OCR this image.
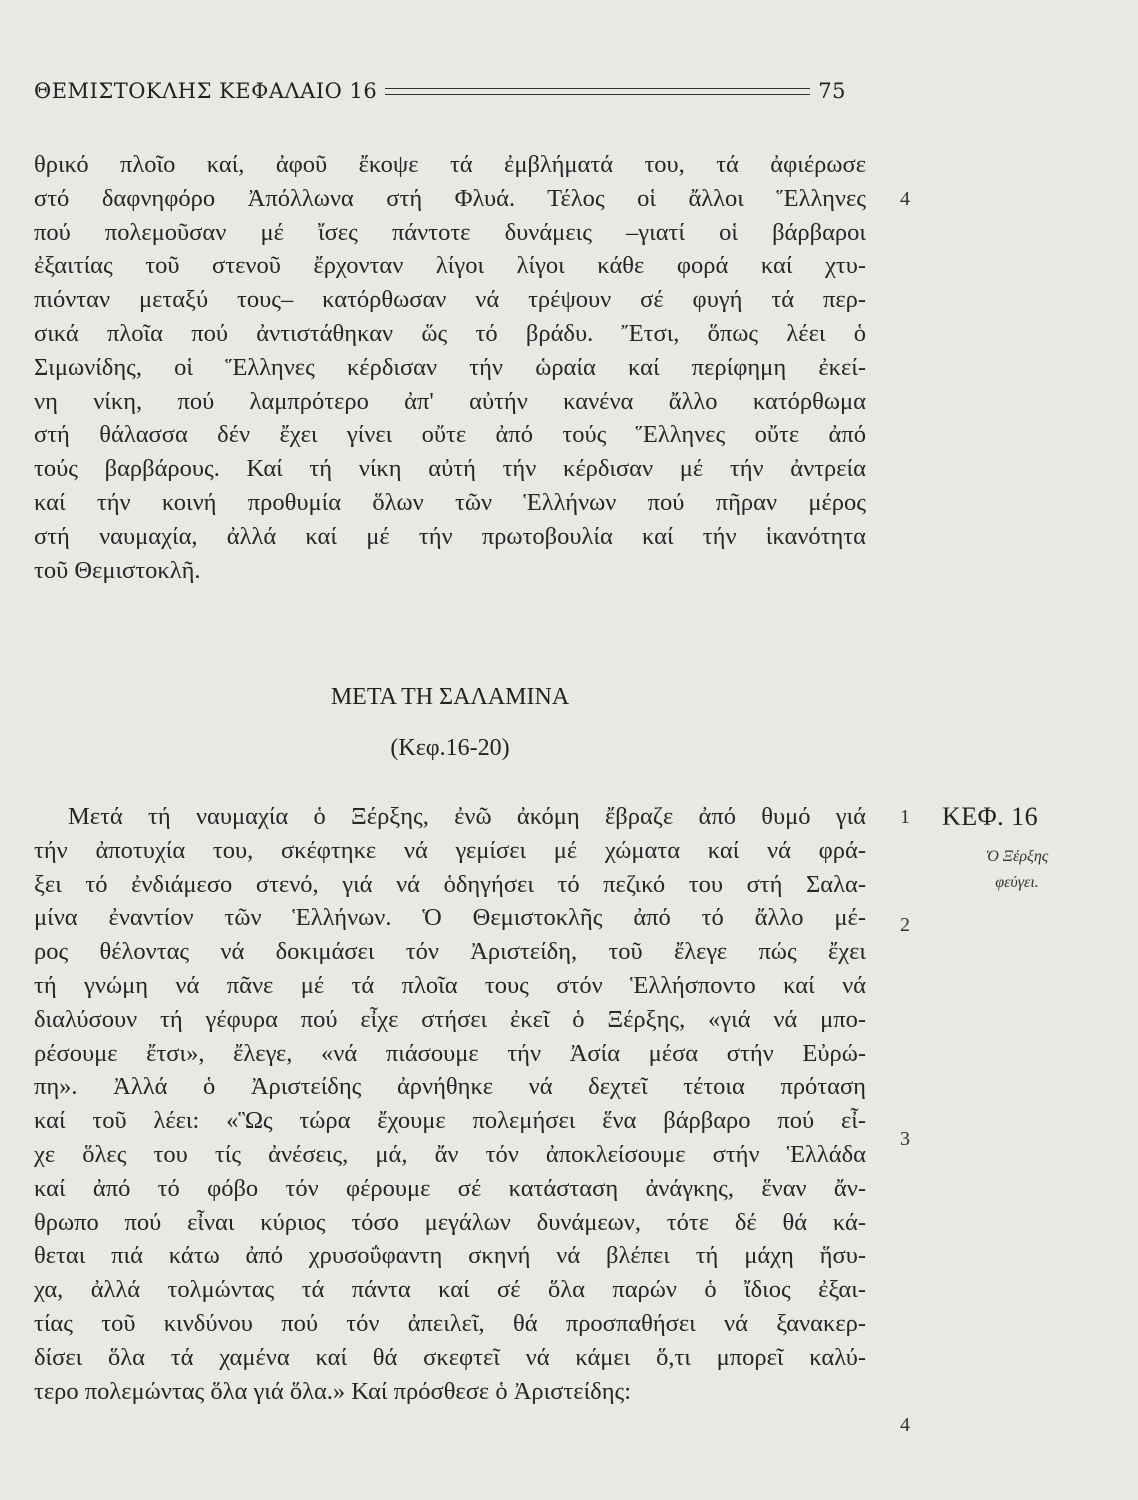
ΘΕΜΙΣΤΟΚΛΗΣ ΚΕΦΑΛΑΙΟ 16	75
θρικό πλοῖο καί, ἀφοῦ ἔκοψε τά ἐμβλήματά του, τά ἀφιέρωσε
στό δαφνηφόρο Ἀπόλλωνα στή Φλυά. Τέλος οἱ ἄλλοι Ἕλληνες
πού πολεμοῦσαν μέ ἴσες πάντοτε δυνάμεις –γιατί οἱ βάρβαροι
ἐξαιτίας τοῦ στενοῦ ἔρχονταν λίγοι λίγοι κάθε φορά καί χτυ-
πιόνταν μεταξύ τους– κατόρθωσαν νά τρέψουν σέ φυγή τά περ-
σικά πλοῖα πού ἀντιστάθηκαν ὥς τό βράδυ. Ἔτσι, ὅπως λέει ὁ
Σιμωνίδης, οἱ Ἕλληνες κέρδισαν τήν ὡραία καί περίφημη ἐκεί-
νη νίκη, πού λαμπρότερο ἀπ' αὐτήν κανένα ἄλλο κατόρθωμα
στή θάλασσα δέν ἔχει γίνει οὔτε ἀπό τούς Ἕλληνες οὔτε ἀπό
τούς βαρβάρους. Καί τή νίκη αὐτή τήν κέρδισαν μέ τήν ἀντρεία
καί τήν κοινή προθυμία ὅλων τῶν Ἑλλήνων πού πῆραν μέρος
στή ναυμαχία, ἀλλά καί μέ τήν πρωτοβουλία καί τήν ἱκανότητα
τοῦ Θεμιστοκλῆ.
4
ΜΕΤΑ ΤΗ ΣΑΛΑΜΙΝΑ
(Κεφ.16-20)
Μετά τή ναυμαχία ὁ Ξέρξης, ἐνῶ ἀκόμη ἔβραζε ἀπό θυμό γιά
τήν ἀποτυχία του, σκέφτηκε νά γεμίσει μέ χώματα καί νά φρά-
ξει τό ἐνδιάμεσο στενό, γιά νά ὁδηγήσει τό πεζικό του στή Σαλα-
μίνα ἐναντίον τῶν Ἑλλήνων. Ὁ Θεμιστοκλῆς ἀπό τό ἄλλο μέ-
ρος θέλοντας νά δοκιμάσει τόν Ἀριστείδη, τοῦ ἔλεγε πώς ἔχει
τή γνώμη νά πᾶνε μέ τά πλοῖα τους στόν Ἑλλήσποντο καί νά
διαλύσουν τή γέφυρα πού εἶχε στήσει ἐκεῖ ὁ Ξέρξης, «γιά νά μπο-
ρέσουμε ἔτσι», ἔλεγε, «νά πιάσουμε τήν Ἀσία μέσα στήν Εὐρώ-
πη». Ἀλλά ὁ Ἀριστείδης ἀρνήθηκε νά δεχτεῖ τέτοια πρόταση
καί τοῦ λέει: «Ὣς τώρα ἔχουμε πολεμήσει ἕνα βάρβαρο πού εἶ-
χε ὅλες του τίς ἀνέσεις, μά, ἄν τόν ἀποκλείσουμε στήν Ἑλλάδα
καί ἀπό τό φόβο τόν φέρουμε σέ κατάσταση ἀνάγκης, ἕναν ἄν-
θρωπο πού εἶναι κύριος τόσο μεγάλων δυνάμεων, τότε δέ θά κά-
θεται πιά κάτω ἀπό χρυσοΰφαντη σκηνή νά βλέπει τή μάχη ἥσυ-
χα, ἀλλά τολμώντας τά πάντα καί σέ ὅλα παρών ὁ ἴδιος ἐξαι-
τίας τοῦ κινδύνου πού τόν ἀπειλεῖ, θά προσπαθήσει νά ξανακερ-
δίσει ὅλα τά χαμένα καί θά σκεφτεῖ νά κάμει ὅ,τι μπορεῖ καλύ-
τερο πολεμώντας ὅλα γιά ὅλα.» Καί πρόσθεσε ὁ Ἀριστείδης:
1
2
3
4
ΚΕΦ. 16
Ὁ Ξέρξης
φεύγει.
